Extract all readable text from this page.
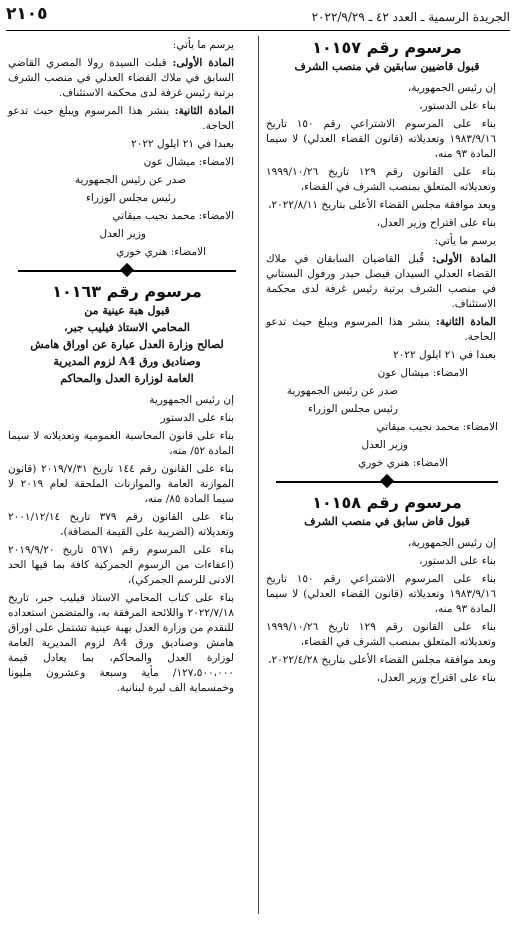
الجريدة الرسمية ـ العدد ٤٢ ـ ٢٠٢٢/٩/٢٩
٢١٠٥
مرسوم رقم ١٠١٥٧
قبول قاضيين سابقين في منصب الشرف

إن رئيس الجمهورية،

بناء على الدستور،

بناء على المرسوم الاشتراعي رقم ١٥٠ تاريخ ١٩٨٣/٩/١٦ وتعديلاته (قانون القضاء العدلي) لا سيما المادة ٩٣ منه،

بناء على القانون رقم ١٢٩ تاريخ ١٩٩٩/١٠/٢٦ وتعديلاته المتعلق بمنصب الشرف في القضاء،

وبعد موافقة مجلس القضاء الأعلى بتاريخ ٢٠٢٢/٨/١١،

بناء على اقتراح وزير العدل،

يرسم ما يأتي:

المادة الأولى: قُبل القاضيان السابقان في ملاك القضاء العدلي السيدان فيصل حيدر ورفول البستاني في منصب الشرف برتبة رئيس غرفة لدى محكمة الاستئناف.

المادة الثانية: ينشر هذا المرسوم ويبلغ حيث تدعو الحاجة.

بعبدا في ٢١ ايلول ٢٠٢٢

الامضاء: ميشال عون

صدر عن رئيس الجمهورية

رئيس مجلس الوزراء

الامضاء: محمد نجيب ميقاتي

وزير العدل

الامضاء: هنري خوري

مرسوم رقم ١٠١٥٨
قبول قاض سابق في منصب الشرف

إن رئيس الجمهورية،

بناء على الدستور،

بناء على المرسوم الاشتراعي رقم ١٥٠ تاريخ ١٩٨٣/٩/١٦ وتعديلاته (قانون القضاء العدلي) لا سيما المادة ٩٣ منه،

بناء على القانون رقم ١٢٩ تاريخ ١٩٩٩/١٠/٢٦ وتعديلاته المتعلق بمنصب الشرف في القضاء،

وبعد موافقة مجلس القضاء الأعلى بتاريخ ٢٠٢٢/٤/٢٨،

بناء على اقتراح وزير العدل،

يرسم ما يأتي:

المادة الأولى: قبلت السيدة رولا المصري القاضي السابق في ملاك القضاء العدلي في منصب الشرف برتبة رئيس غرفة لدى محكمة الاستئناف.

المادة الثانية: ينشر هذا المرسوم ويبلغ حيث تدعو الحاجة.

بعبدا في ٢١ ايلول ٢٠٢٢

الامضاء: ميشال عون

صدر عن رئيس الجمهورية

رئيس مجلس الوزراء

الامضاء: محمد نجيب ميقاتي

وزير العدل

الامضاء: هنري خوري

مرسوم رقم ١٠١٦٣
قبول هبة عينية من
المحامي الاستاذ فيليب جبر،
لصالح وزارة العدل عبارة عن اوراق هامش
وصناديق ورق A4 لزوم المديرية
العامة لوزارة العدل والمحاكم

إن رئيس الجمهورية

بناء على الدستور

بناء على قانون المحاسبة العمومية وتعديلاته لا سيما المادة ٥٢/ منه،

بناء على القانون رقم ١٤٤ تاريخ ٢٠١٩/٧/٣١ (قانون الموازنة العامة والموازنات الملحقة لعام ٢٠١٩ لا سيما المادة ٨٥/ منه،

بناء على القانون رقم ٣٧٩ تاريخ ٢٠٠١/١٢/١٤ وتعديلاته (الضريبة على القيمة المضافة)،

بناء على المرسوم رقم ٥٦٧١ تاريخ ٢٠١٩/٩/٢٠ (اعفاءات من الرسوم الجمركية كافة بما فيها الحد الادنى للرسم الجمركي)،

بناء على كتاب المحامي الاستاذ فيليب جبر، تاريخ ٢٠٢٢/٧/١٨ واللائحة المرفقة به، والمتضمن استعداده للتقدم من وزارة العدل بهبة عينية تشتمل على اوراق هامش وصناديق ورق A4 لزوم المديرية العامة لوزارة العدل والمحاكم، بما يعادل قيمة ١٢٧،٥٠٠،٠٠٠/ مأية وسبعة وعشرون مليونا وخمسماية الف ليرة لبنانية.
